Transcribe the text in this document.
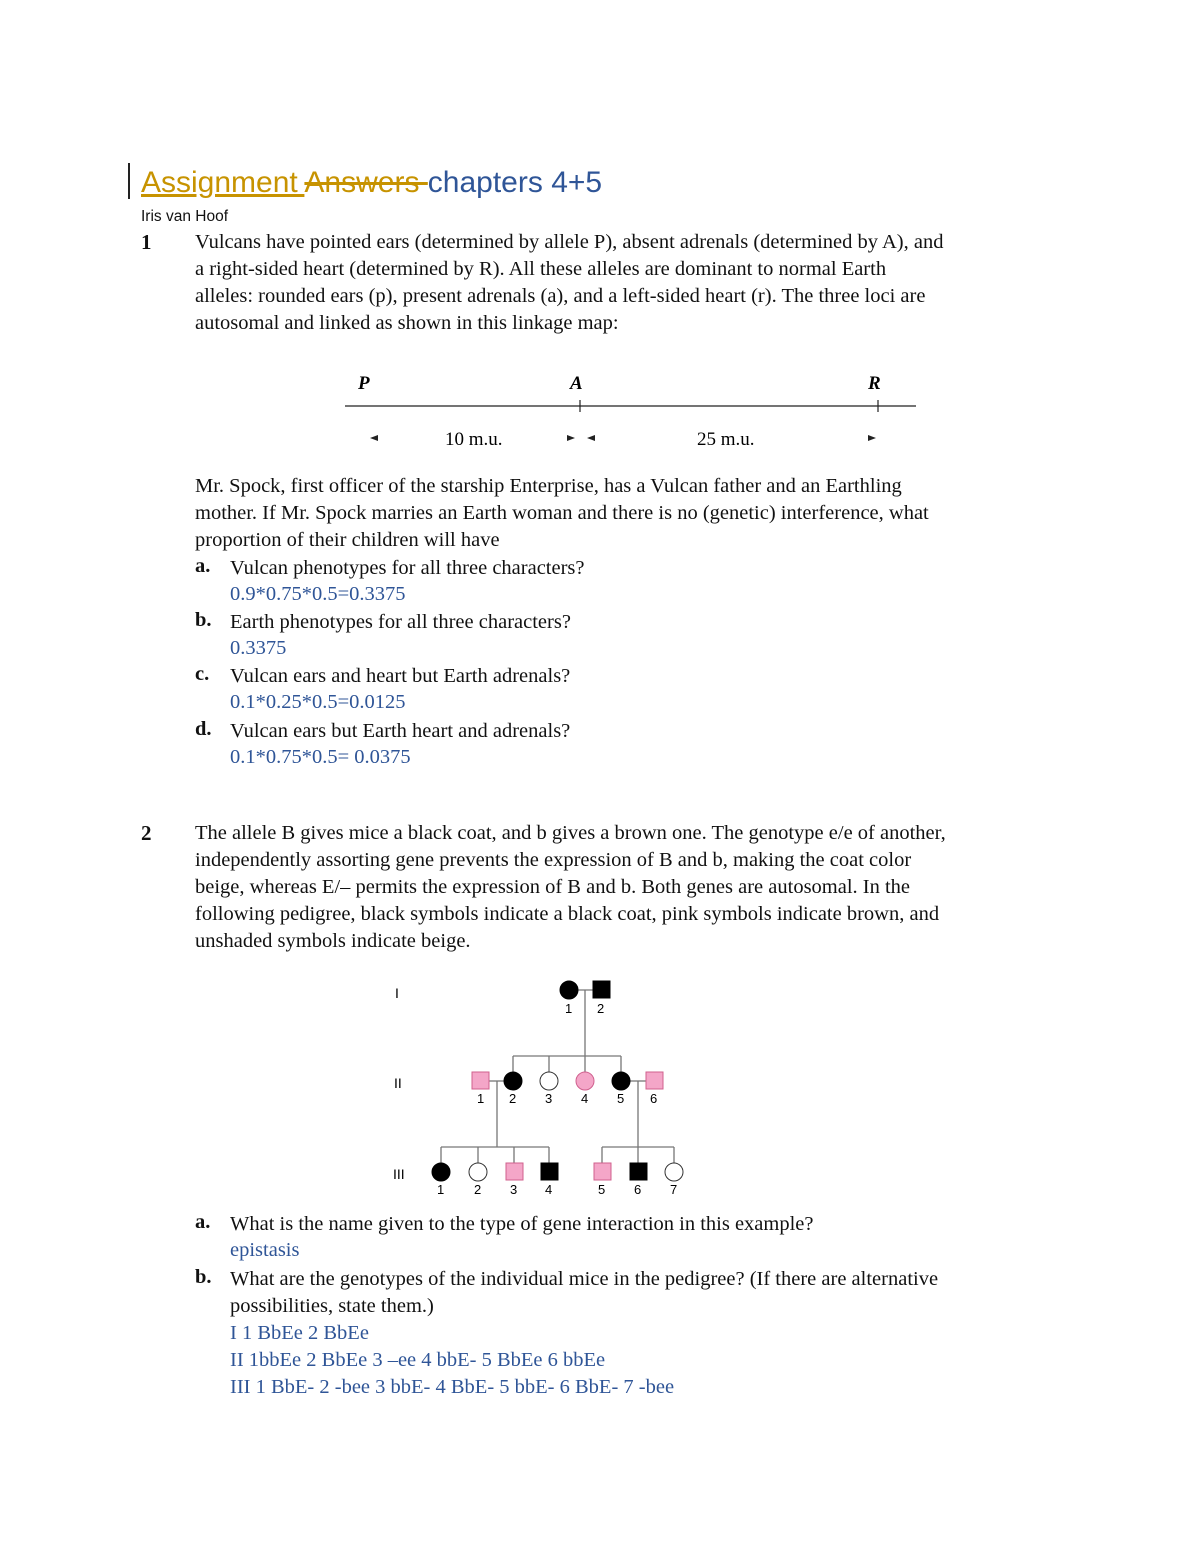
Assignment Answers chapters 4+5
Iris van Hoof
1 Vulcans have pointed ears (determined by allele P), absent adrenals (determined by A), and
a right-sided heart (determined by R). All these alleles are dominant to normal Earth
alleles: rounded ears (p), present adrenals (a), and a left-sided heart (r). The three loci are
autosomal and linked as shown in this linkage map:
P	A	R
10 m.u.	25 m.u.
Mr. Spock, first officer of the starship Enterprise, has a Vulcan father and an Earthling
mother. If Mr. Spock marries an Earth woman and there is no (genetic) interference, what
proportion of their children will have
a. Vulcan phenotypes for all three characters?
0.9*0.75*0.5=0.3375
b. Earth phenotypes for all three characters?
0.3375
c. Vulcan ears and heart but Earth adrenals?
0.1*0.25*0.5=0.0125
d. Vulcan ears but Earth heart and adrenals?
0.1*0.75*0.5= 0.0375
2 The allele B gives mice a black coat, and b gives a brown one. The genotype e/e of another,
independently assorting gene prevents the expression of B and b, making the coat color
beige, whereas E/– permits the expression of B and b. Both genes are autosomal. In the
following pedigree, black symbols indicate a black coat, pink symbols indicate brown, and
unshaded symbols indicate beige.
I
II
III
1 2
1 2 3 4 5 6
1 2 3 4	5 6 7
a. What is the name given to the type of gene interaction in this example?
epistasis
b. What are the genotypes of the individual mice in the pedigree? (If there are alternative
possibilities, state them.)
I 1 BbEe 2 BbEe
II 1bbEe 2 BbEe 3 –ee 4 bbE- 5 BbEe 6 bbEe
III 1 BbE- 2 -bee 3 bbE- 4 BbE- 5 bbE- 6 BbE- 7 -bee
